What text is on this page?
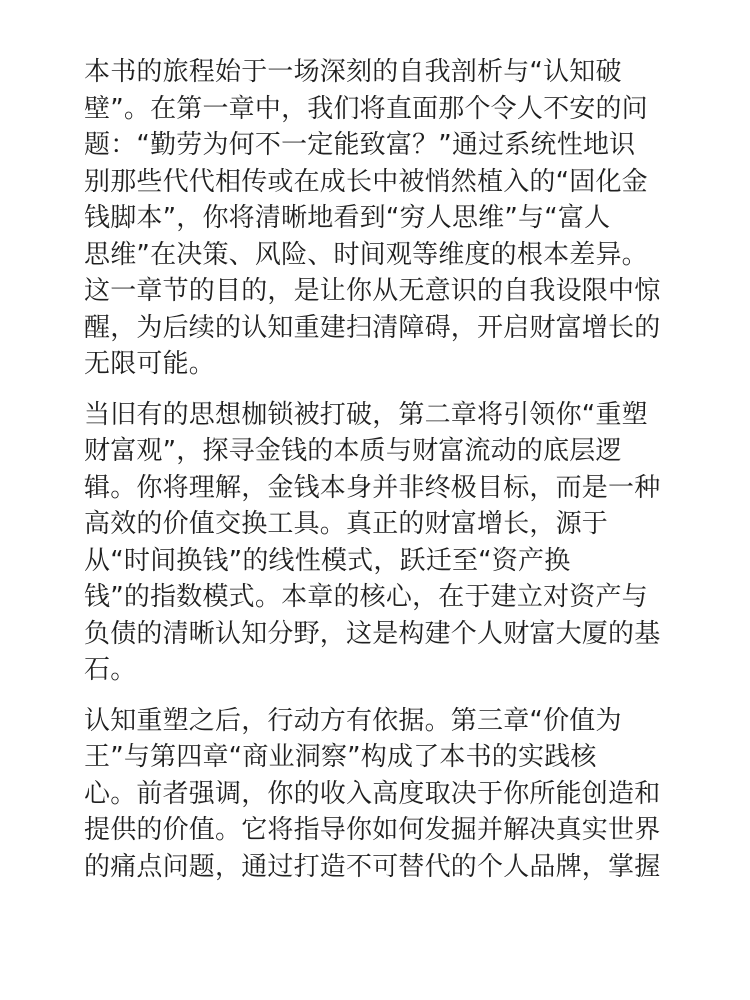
本书的旅程始于一场深刻的自我剖析与“认知破
壁”。在第一章中，我们将直面那个令人不安的问
题：“勤劳为何不一定能致富？”通过系统性地识
别那些代代相传或在成长中被悄然植入的“固化金
钱脚本”，你将清晰地看到“穷人思维”与“富人
思维”在决策、风险、时间观等维度的根本差异。
这一章节的目的，是让你从无意识的自我设限中惊
醒，为后续的认知重建扫清障碍，开启财富增长的
无限可能。

当旧有的思想枷锁被打破，第二章将引领你“重塑
财富观”，探寻金钱的本质与财富流动的底层逻
辑。你将理解，金钱本身并非终极目标，而是一种
高效的价值交换工具。真正的财富增长，源于
从“时间换钱”的线性模式，跃迁至“资产换
钱”的指数模式。本章的核心，在于建立对资产与
负债的清晰认知分野，这是构建个人财富大厦的基
石。

认知重塑之后，行动方有依据。第三章“价值为
王”与第四章“商业洞察”构成了本书的实践核
心。前者强调，你的收入高度取决于你所能创造和
提供的价值。它将指导你如何发掘并解决真实世界
的痛点问题，通过打造不可替代的个人品牌，掌握
